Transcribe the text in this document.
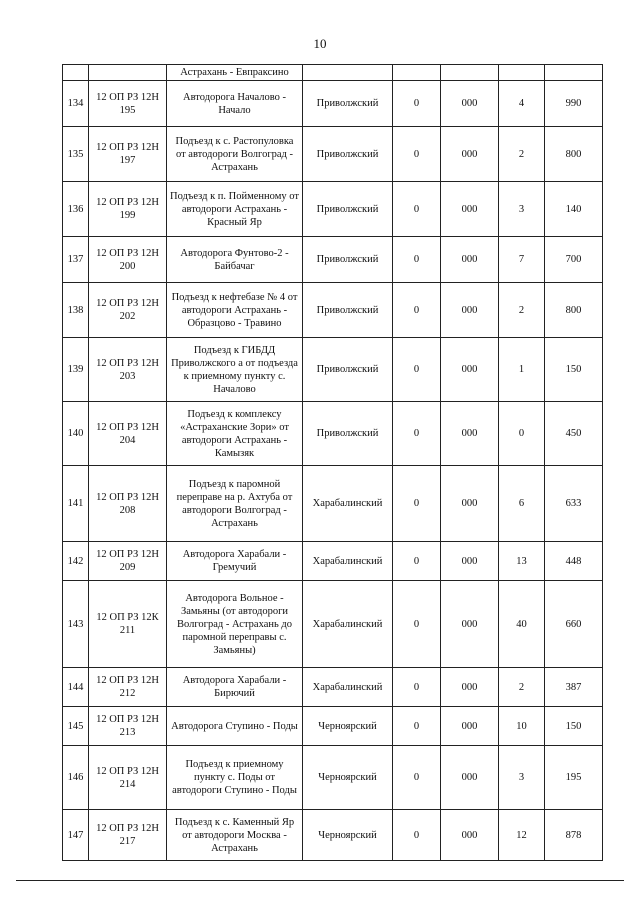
10
		Астрахань - Евпраксино					
134	12 ОП РЗ 12Н 195	Автодорога Началово - Начало	Приволжский	0	000	4	990
135	12 ОП РЗ 12Н 197	Подъезд к с. Растопуловка от автодороги Волгоград - Астрахань	Приволжский	0	000	2	800
136	12 ОП РЗ 12Н 199	Подъезд к п. Пойменному от автодороги Астрахань - Красный Яр	Приволжский	0	000	3	140
137	12 ОП РЗ 12Н 200	Автодорога Фунтово-2 - Байбачаг	Приволжский	0	000	7	700
138	12 ОП РЗ 12Н 202	Подъезд к нефтебазе № 4 от автодороги Астрахань - Образцово - Травино	Приволжский	0	000	2	800
139	12 ОП РЗ 12Н 203	Подъезд к ГИБДД Приволжского а от подъезда к приемному пункту с. Началово	Приволжский	0	000	1	150
140	12 ОП РЗ 12Н 204	Подъезд к комплексу «Астраханские Зори» от автодороги Астрахань - Камызяк	Приволжский	0	000	0	450
141	12 ОП РЗ 12Н 208	Подъезд к паромной переправе на р. Ахтуба от автодороги Волгоград - Астрахань	Харабалинский	0	000	6	633
142	12 ОП РЗ 12Н 209	Автодорога Харабали - Гремучий	Харабалинский	0	000	13	448
143	12 ОП РЗ 12К 211	Автодорога Вольное - Замьяны (от автодороги Волгоград - Астрахань до паромной переправы с. Замьяны)	Харабалинский	0	000	40	660
144	12 ОП РЗ 12Н 212	Автодорога Харабали - Бирючий	Харабалинский	0	000	2	387
145	12 ОП РЗ 12Н 213	Автодорога Ступино - Поды	Черноярский	0	000	10	150
146	12 ОП РЗ 12Н 214	Подъезд к приемному пункту с. Поды от автодороги Ступино - Поды	Черноярский	0	000	3	195
147	12 ОП РЗ 12Н 217	Подъезд к с. Каменный Яр от автодороги Москва - Астрахань	Черноярский	0	000	12	878
